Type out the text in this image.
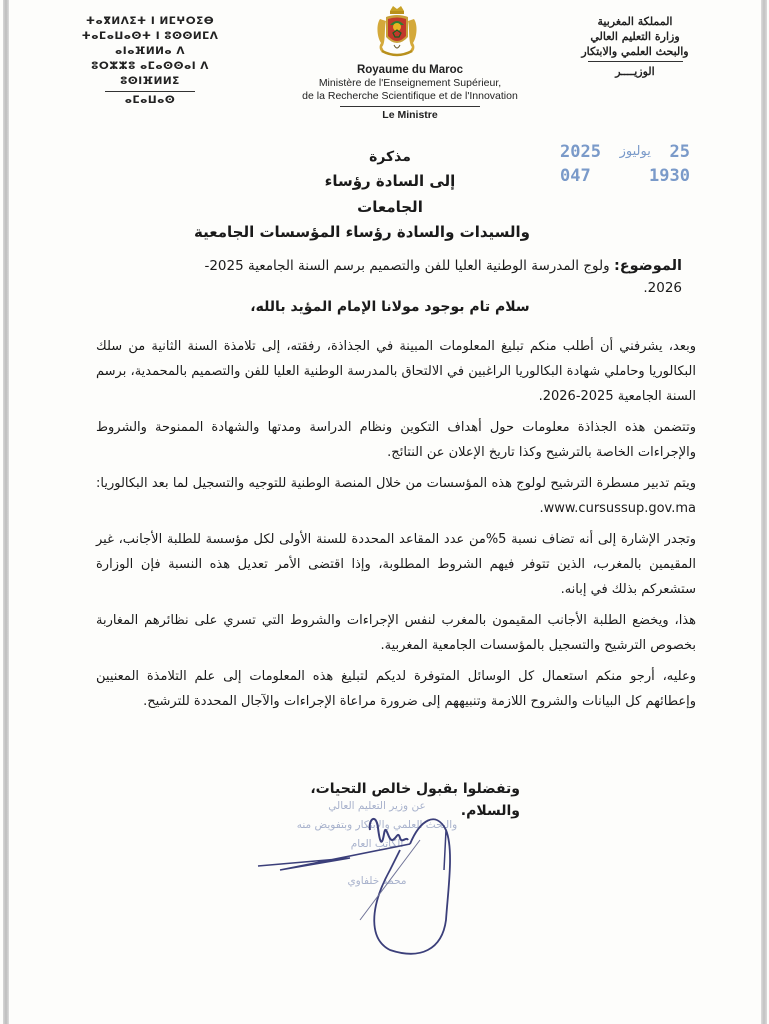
ⵜⴰⴳⵍⴷⵉⵜ ⵏ ⵍⵎⵖⵔⵉⴱ
ⵜⴰⵎⴰⵡⴰⵙⵜ ⵏ ⵓⵙⵙⵍⵎⴷ ⴰⵏⴰⴼⵍⵍⴰ ⴷ
ⵓⵔⵣⵣⵓ ⴰⵎⴰⵙⵙⴰⵏ ⴷ ⵓⵙⵏⴼⵍⵍⵉ
ⴰⵎⴰⵡⴰⵙ
Royaume du Maroc
Ministère de l'Enseignement Supérieur,
de la Recherche Scientifique et de l'Innovation
Le Ministre
المملكة المغربية
وزارة التعليم العالي
والبحث العلمي والابتكار
الوزيــــر
2025 يوليوز 25
047	1930
مذكرة
إلى السادة رؤساء الجامعات
والسيدات والسادة رؤساء المؤسسات الجامعية
الموضوع: ولوج المدرسة الوطنية العليا للفن والتصميم برسم السنة الجامعية 2025-2026.
سلام تام بوجود مولانا الإمام المؤيد بالله،

وبعد، يشرفني أن أطلب منكم تبليغ المعلومات المبينة في الجذاذة، رفقته، إلى تلامذة السنة الثانية من سلك البكالوريا وحاملي شهادة البكالوريا الراغبين في الالتحاق بالمدرسة الوطنية العليا للفن والتصميم بالمحمدية، برسم السنة الجامعية 2025-2026.

وتتضمن هذه الجذاذة معلومات حول أهداف التكوين ونظام الدراسة ومدتها والشهادة الممنوحة والشروط والإجراءات الخاصة بالترشيح وكذا تاريخ الإعلان عن النتائج.

ويتم تدبير مسطرة الترشيح لولوج هذه المؤسسات من خلال المنصة الوطنية للتوجيه والتسجيل لما بعد البكالوريا: www.cursussup.gov.ma.

وتجدر الإشارة إلى أنه تضاف نسبة 5%من عدد المقاعد المحددة للسنة الأولى لكل مؤسسة للطلبة الأجانب، غير المقيمين بالمغرب، الذين تتوفر فيهم الشروط المطلوبة، وإذا اقتضى الأمر تعديل هذه النسبة فإن الوزارة ستشعركم بذلك في إبانه.

هذا، ويخضع الطلبة الأجانب المقيمون بالمغرب لنفس الإجراءات والشروط التي تسري على نظائرهم المغاربة بخصوص الترشيح والتسجيل بالمؤسسات الجامعية المغربية.

وعليه، أرجو منكم استعمال كل الوسائل المتوفرة لديكم لتبليغ هذه المعلومات إلى علم التلامذة المعنيين وإعطائهم كل البيانات والشروح اللازمة وتنبيههم إلى ضرورة مراعاة الإجراءات والآجال المحددة للترشيح.

وتفضلوا بقبول خالص التحيات، والسلام.
عن وزير التعليم العالي
والبحث العلمي والابتكار وبتفويض منه
الكاتب العام
محمد خلفاوي
